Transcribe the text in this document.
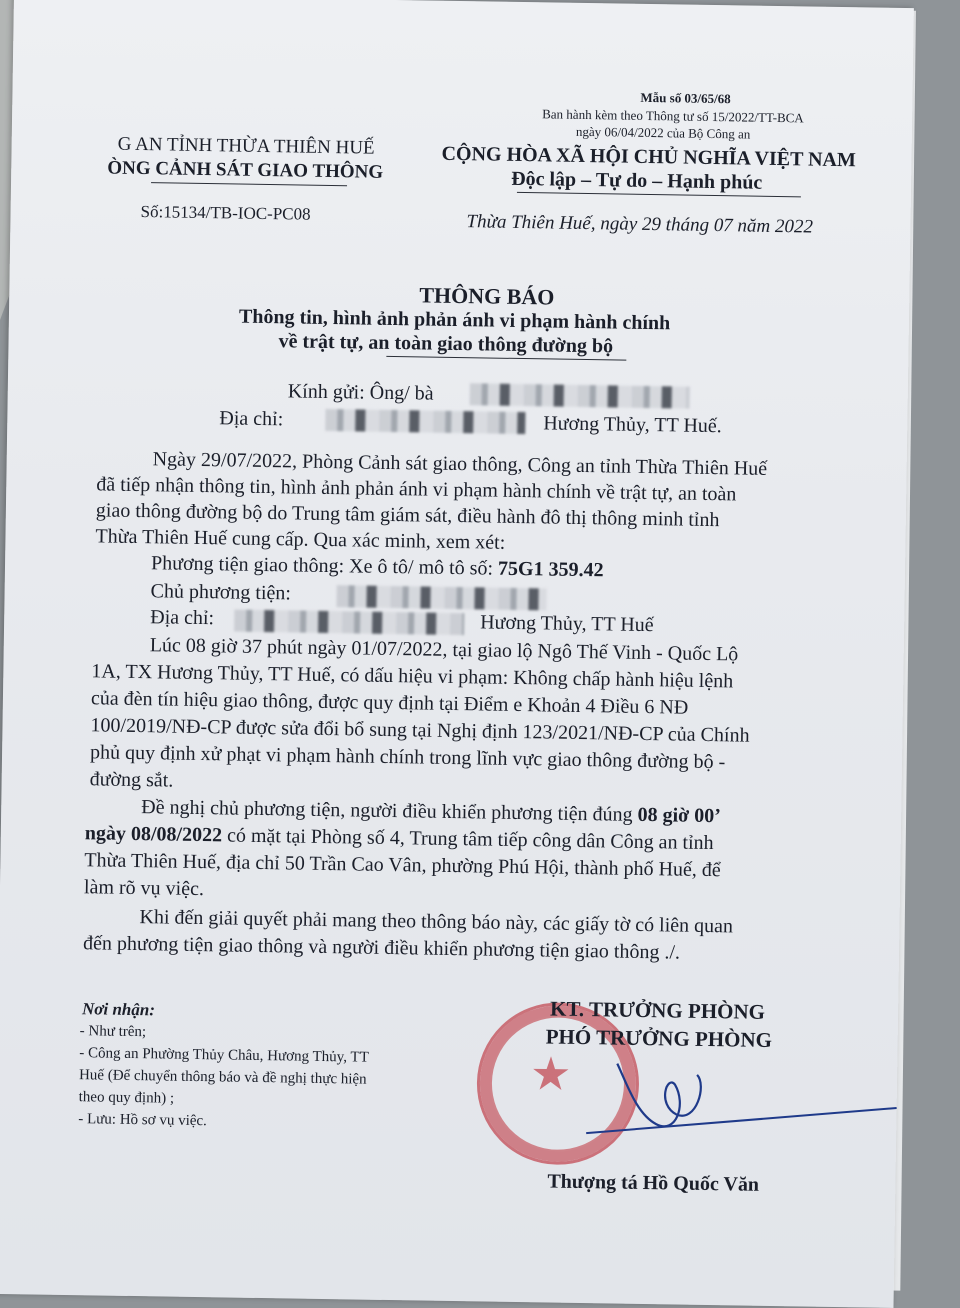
Mẫu số 03/65/68
Ban hành kèm theo Thông tư số 15/2022/TT-BCA
ngày 06/04/2022 của Bộ Công an
G AN TỈNH THỪA THIÊN HUẾ
ÒNG CẢNH SÁT GIAO THÔNG
Số:15134/TB-IOC-PC08
CỘNG HÒA XÃ HỘI CHỦ NGHĨA VIỆT NAM
Độc lập – Tự do – Hạnh phúc
Thừa Thiên Huế, ngày 29 tháng 07 năm 2022
THÔNG BÁO
Thông tin, hình ảnh phản ánh vi phạm hành chính
về trật tự, an toàn giao thông đường bộ
Kính gửi: Ông/ bà
Địa chỉ:	Hương Thủy, TT Huế.
Ngày 29/07/2022, Phòng Cảnh sát giao thông, Công an tỉnh Thừa Thiên Huế
đã tiếp nhận thông tin, hình ảnh phản ánh vi phạm hành chính về trật tự, an toàn
giao thông đường bộ do Trung tâm giám sát, điều hành đô thị thông minh tỉnh
Thừa Thiên Huế cung cấp. Qua xác minh, xem xét:
Phương tiện giao thông: Xe ô tô/ mô tô số: 75G1 359.42
Chủ phương tiện:
Địa chỉ:	Hương Thủy, TT Huế
Lúc 08 giờ 37 phút ngày 01/07/2022, tại giao lộ Ngô Thế Vinh - Quốc Lộ
1A, TX Hương Thủy, TT Huế, có dấu hiệu vi phạm: Không chấp hành hiệu lệnh
của đèn tín hiệu giao thông, được quy định tại Điểm e Khoản 4 Điều 6 NĐ
100/2019/NĐ-CP được sửa đổi bổ sung tại Nghị định 123/2021/NĐ-CP của Chính
phủ quy định xử phạt vi phạm hành chính trong lĩnh vực giao thông đường bộ -
đường sắt.
Đề nghị chủ phương tiện, người điều khiển phương tiện đúng 08 giờ 00’
ngày 08/08/2022 có mặt tại Phòng số 4, Trung tâm tiếp công dân Công an tỉnh
Thừa Thiên Huế, địa chỉ 50 Trần Cao Vân, phường Phú Hội, thành phố Huế, để
làm rõ vụ việc.
Khi đến giải quyết phải mang theo thông báo này, các giấy tờ có liên quan
đến phương tiện giao thông và người điều khiển phương tiện giao thông ./.
Nơi nhận:
- Như trên;
- Công an Phường Thủy Châu, Hương Thủy, TT
Huế (Để chuyển thông báo và đề nghị thực hiện
theo quy định) ;
- Lưu: Hồ sơ vụ việc.
★
KT. TRƯỞNG PHÒNG
PHÓ TRƯỞNG PHÒNG
Thượng tá Hồ Quốc Văn
